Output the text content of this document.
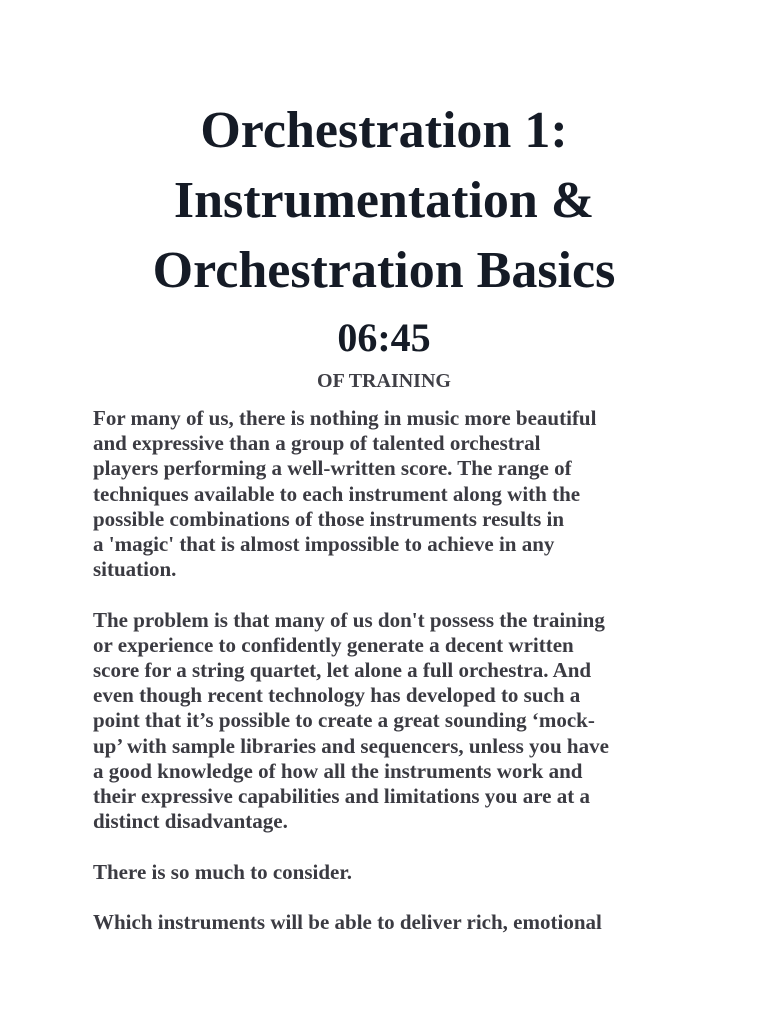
Orchestration 1:
Instrumentation &
Orchestration Basics
06:45
OF TRAINING

For many of us, there is nothing in music more beautiful
and expressive than a group of talented orchestral
players performing a well-written score. The range of
techniques available to each instrument along with the
possible combinations of those instruments results in
a 'magic' that is almost impossible to achieve in any
situation.

The problem is that many of us don't possess the training
or experience to confidently generate a decent written
score for a string quartet, let alone a full orchestra. And
even though recent technology has developed to such a
point that it’s possible to create a great sounding ‘mock-
up’ with sample libraries and sequencers, unless you have
a good knowledge of how all the instruments work and
their expressive capabilities and limitations you are at a
distinct disadvantage.

There is so much to consider.

Which instruments will be able to deliver rich, emotional
